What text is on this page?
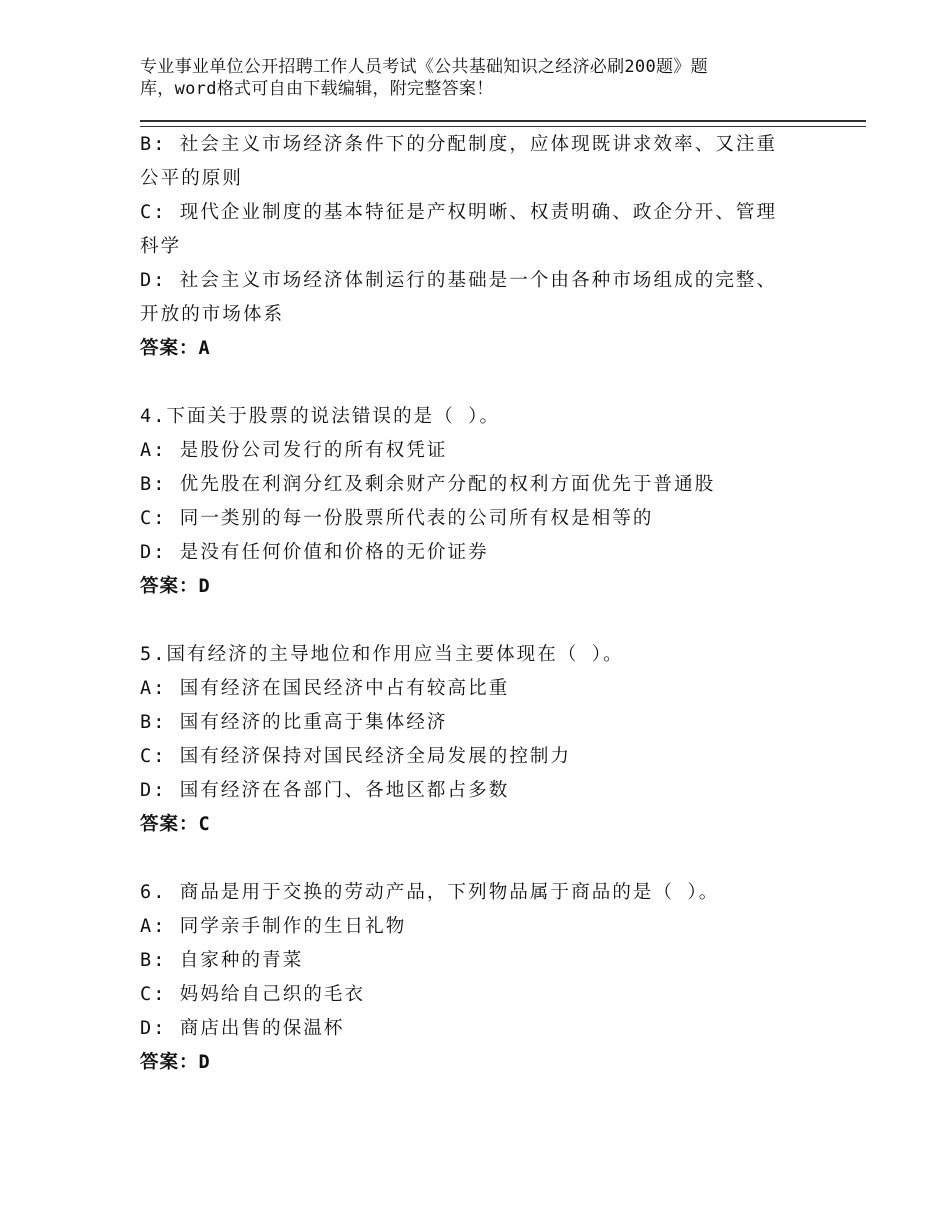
专业事业单位公开招聘工作人员考试《公共基础知识之经济必刷200题》题
库，word格式可自由下载编辑，附完整答案！
B: 社会主义市场经济条件下的分配制度，应体现既讲求效率、又注重
公平的原则
C: 现代企业制度的基本特征是产权明晰、权责明确、政企分开、管理
科学
D: 社会主义市场经济体制运行的基础是一个由各种市场组成的完整、
开放的市场体系
答案：A
4.下面关于股票的说法错误的是（ ）。
A: 是股份公司发行的所有权凭证
B: 优先股在利润分红及剩余财产分配的权利方面优先于普通股
C: 同一类别的每一份股票所代表的公司所有权是相等的
D: 是没有任何价值和价格的无价证券
答案：D
5.国有经济的主导地位和作用应当主要体现在（ ）。
A: 国有经济在国民经济中占有较高比重
B: 国有经济的比重高于集体经济
C: 国有经济保持对国民经济全局发展的控制力
D: 国有经济在各部门、各地区都占多数
答案：C
6. 商品是用于交换的劳动产品，下列物品属于商品的是（ ）。
A: 同学亲手制作的生日礼物
B: 自家种的青菜
C: 妈妈给自己织的毛衣
D: 商店出售的保温杯
答案：D
